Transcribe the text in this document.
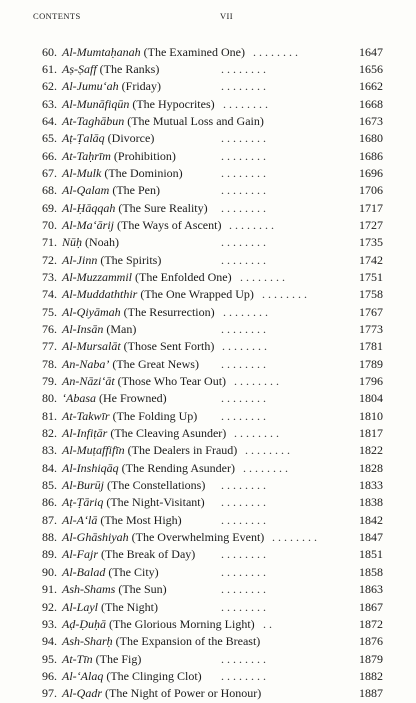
CONTENTS	VII
60. Al-Mumtaḥanah (The Examined One) . . . . . . . .	1647
61. Aṣ-Ṣaff (The Ranks)	. . . . . . . .	1656
62. Al-Jumu‘ah (Friday)	. . . . . . . .	1662
63. Al-Munāfiqūn (The Hypocrites) . . . . . . . .	1668
64. At-Taghābun (The Mutual Loss and Gain)	1673
65. Aṭ-Ṭalāq (Divorce)	. . . . . . . .	1680
66. At-Taḥrīm (Prohibition)	. . . . . . . .	1686
67. Al-Mulk (The Dominion)	. . . . . . . .	1696
68. Al-Qalam (The Pen)	. . . . . . . .	1706
69. Al-Ḥāqqah (The Sure Reality) . . . . . . . .	1717
70. Al-Ma‘ārij (The Ways of Ascent) . . . . . . . .	1727
71. Nūḥ (Noah)	. . . . . . . .	1735
72. Al-Jinn (The Spirits)	. . . . . . . .	1742
73. Al-Muzzammil (The Enfolded One) . . . . . . . .	1751
74. Al-Muddaththir (The One Wrapped Up) . . . . . . . .	1758
75. Al-Qiyāmah (The Resurrection) . . . . . . . .	1767
76. Al-Insān (Man)	. . . . . . . .	1773
77. Al-Mursalāt (Those Sent Forth) . . . . . . . .	1781
78. An-Naba’ (The Great News) . . . . . . . .	1789
79. An-Nāzi‘āt (Those Who Tear Out) . . . . . . . .	1796
80. ‘Abasa (He Frowned)	. . . . . . . .	1804
81. At-Takwīr (The Folding Up) . . . . . . . .	1810
82. Al-Infiṭār (The Cleaving Asunder) . . . . . . . .	1817
83. Al-Muṭaffifīn (The Dealers in Fraud) . . . . . . . .	1822
84. Al-Inshiqāq (The Rending Asunder) . . . . . . . .	1828
85. Al-Burūj (The Constellations) . . . . . . . .	1833
86. Aṭ-Ṭāriq (The Night-Visitant) . . . . . . . .	1838
87. Al-A‘lā (The Most High)	. . . . . . . .	1842
88. Al-Ghāshiyah (The Overwhelming Event) . . . . . . . .	1847
89. Al-Fajr (The Break of Day) . . . . . . . .	1851
90. Al-Balad (The City)	. . . . . . . .	1858
91. Ash-Shams (The Sun)	. . . . . . . .	1863
92. Al-Layl (The Night)	. . . . . . . .	1867
93. Aḍ-Ḍuḥā (The Glorious Morning Light) . .	1872
94. Ash-Sharḥ (The Expansion of the Breast)	1876
95. At-Tīn (The Fig)	. . . . . . . .	1879
96. Al-‘Alaq (The Clinging Clot) . . . . . . . .	1882
97. Al-Qadr (The Night of Power or Honour)	1887
